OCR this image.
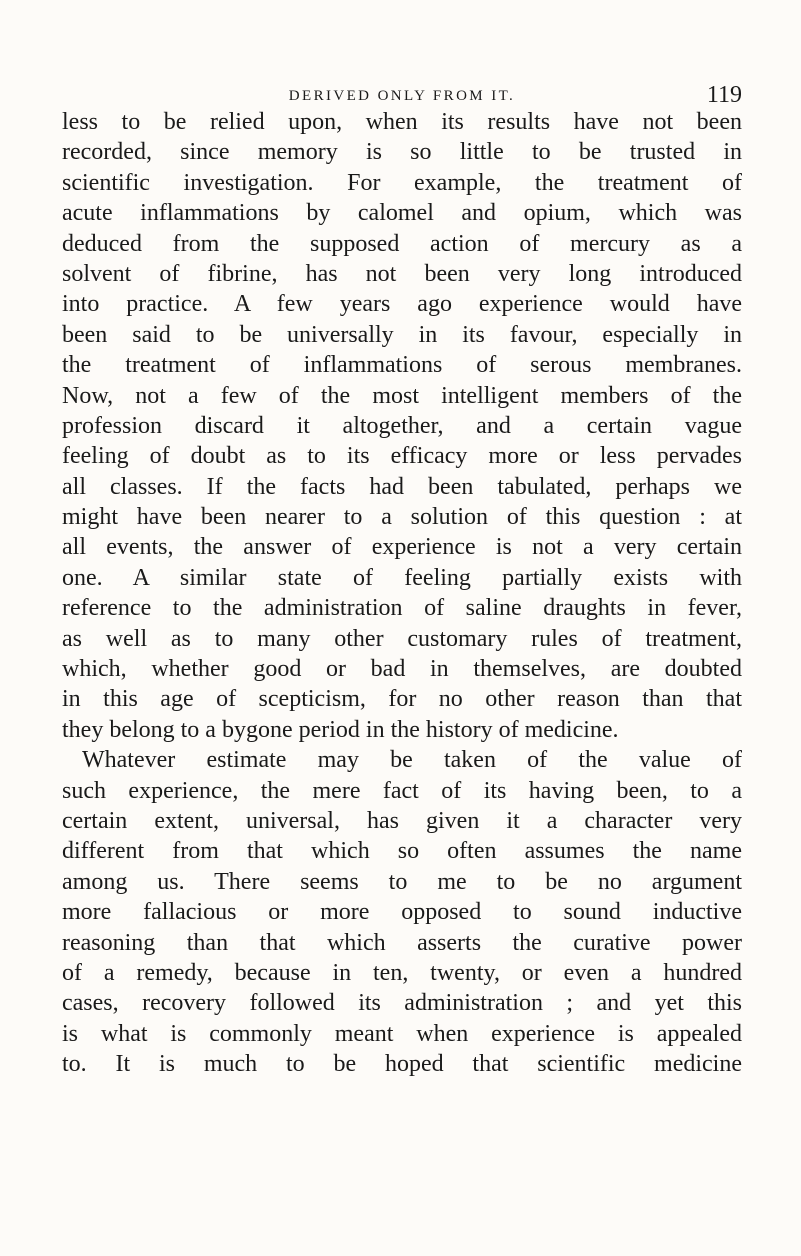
DERIVED ONLY FROM IT.	119
less to be relied upon, when its results have not been
recorded, since memory is so little to be trusted in
scientific investigation. For example, the treatment of
acute inflammations by calomel and opium, which was
deduced from the supposed action of mercury as a
solvent of fibrine, has not been very long introduced
into practice. A few years ago experience would have
been said to be universally in its favour, especially in
the treatment of inflammations of serous membranes.
Now, not a few of the most intelligent members of the
profession discard it altogether, and a certain vague
feeling of doubt as to its efficacy more or less pervades
all classes. If the facts had been tabulated, perhaps we
might have been nearer to a solution of this question : at
all events, the answer of experience is not a very certain
one. A similar state of feeling partially exists with
reference to the administration of saline draughts in fever,
as well as to many other customary rules of treatment,
which, whether good or bad in themselves, are doubted
in this age of scepticism, for no other reason than that
they belong to a bygone period in the history of medicine.
Whatever estimate may be taken of the value of
such experience, the mere fact of its having been, to a
certain extent, universal, has given it a character very
different from that which so often assumes the name
among us. There seems to me to be no argument
more fallacious or more opposed to sound inductive
reasoning than that which asserts the curative power
of a remedy, because in ten, twenty, or even a hundred
cases, recovery followed its administration ; and yet this
is what is commonly meant when experience is appealed
to. It is much to be hoped that scientific medicine
